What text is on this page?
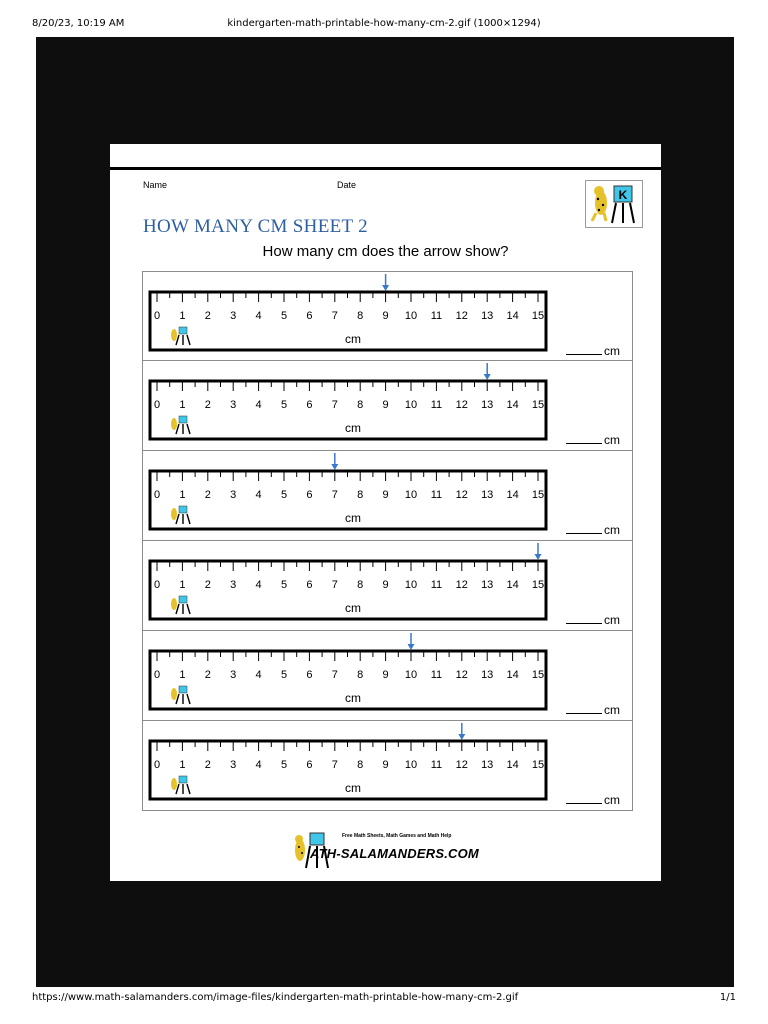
8/20/23, 10:19 AM	kindergarten-math-printable-how-many-cm-2.gif (1000×1294)
Name	Date
K
HOW MANY CM SHEET 2
How many cm does the arrow show?
0 1 2 3 4 5 6 7 8 9 10 11 12 13 14 15
cm
cm
0 1 2 3 4 5 6 7 8 9 10 11 12 13 14 15
cm
cm
0 1 2 3 4 5 6 7 8 9 10 11 12 13 14 15
cm
cm
0 1 2 3 4 5 6 7 8 9 10 11 12 13 14 15
cm
cm
0 1 2 3 4 5 6 7 8 9 10 11 12 13 14 15
cm
cm
0 1 2 3 4 5 6 7 8 9 10 11 12 13 14 15
cm
cm
Free Math Sheets, Math Games and Math Help
ATH-SALAMANDERS.COM
https://www.math-salamanders.com/image-files/kindergarten-math-printable-how-many-cm-2.gif	1/1
